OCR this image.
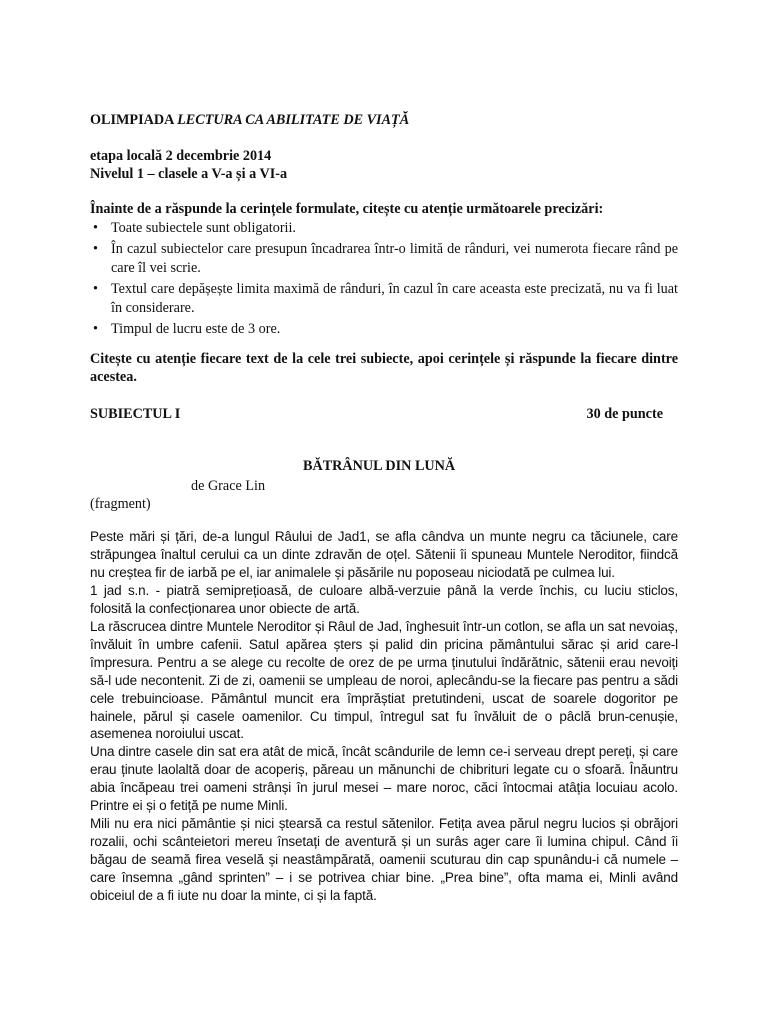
OLIMPIADA LECTURA CA ABILITATE DE VIAȚĂ
etapa locală 2 decembrie 2014
Nivelul 1 – clasele a V-a și a VI-a
Înainte de a răspunde la cerințele formulate, citește cu atenție următoarele precizări:
• Toate subiectele sunt obligatorii.
• În cazul subiectelor care presupun încadrarea într-o limită de rânduri, vei numerota fiecare rând pe care îl vei scrie.
• Textul care depășește limita maximă de rânduri, în cazul în care aceasta este precizată, nu va fi luat în considerare.
• Timpul de lucru este de 3 ore.
Citește cu atenție fiecare text de la cele trei subiecte, apoi cerințele și răspunde la fiecare dintre acestea.
SUBIECTUL I	30 de puncte
BĂTRÂNUL DIN LUNĂ
de Grace Lin
(fragment)

Peste mări și țări, de-a lungul Râului de Jad1, se afla cândva un munte negru ca tăciunele, care străpungea înaltul cerului ca un dinte zdravăn de oțel. Sătenii îi spuneau Muntele Neroditor, fiindcă nu creștea fir de iarbă pe el, iar animalele și păsările nu poposeau niciodată pe culmea lui.

1 jad s.n. - piatră semiprețioasă, de culoare albă-verzuie până la verde închis, cu luciu sticlos, folosită la confecționarea unor obiecte de artă.

La răscrucea dintre Muntele Neroditor și Râul de Jad, înghesuit într-un cotlon, se afla un sat nevoiaș, învăluit în umbre cafenii. Satul apărea șters și palid din pricina pământului sărac și arid care-l împresura. Pentru a se alege cu recolte de orez de pe urma ținutului îndărătnic, sătenii erau nevoiți să-l ude necontenit. Zi de zi, oamenii se umpleau de noroi, aplecându-se la fiecare pas pentru a sădi cele trebuincioase. Pământul muncit era împrăștiat pretutindeni, uscat de soarele dogoritor pe hainele, părul și casele oamenilor. Cu timpul, întregul sat fu învăluit de o pâclă brun-cenușie, asemenea noroiului uscat.

Una dintre casele din sat era atât de mică, încât scândurile de lemn ce-i serveau drept pereți, și care erau ținute laolaltă doar de acoperiș, păreau un mănunchi de chibrituri legate cu o sfoară. Înăuntru abia încăpeau trei oameni strânși în jurul mesei – mare noroc, căci întocmai atâția locuiau acolo. Printre ei și o fetiță pe nume Minli.

Mili nu era nici pământie și nici ștearsă ca restul sătenilor. Fetița avea părul negru lucios și obrăjori rozalii, ochi scânteietori mereu însetați de aventură și un surâs ager care îi lumina chipul. Când îi băgau de seamă firea veselă și neastâmpărată, oamenii scuturau din cap spunându-i că numele – care însemna „gând sprinten” – i se potrivea chiar bine. „Prea bine”, ofta mama ei, Minli având obiceiul de a fi iute nu doar la minte, ci și la faptă.
